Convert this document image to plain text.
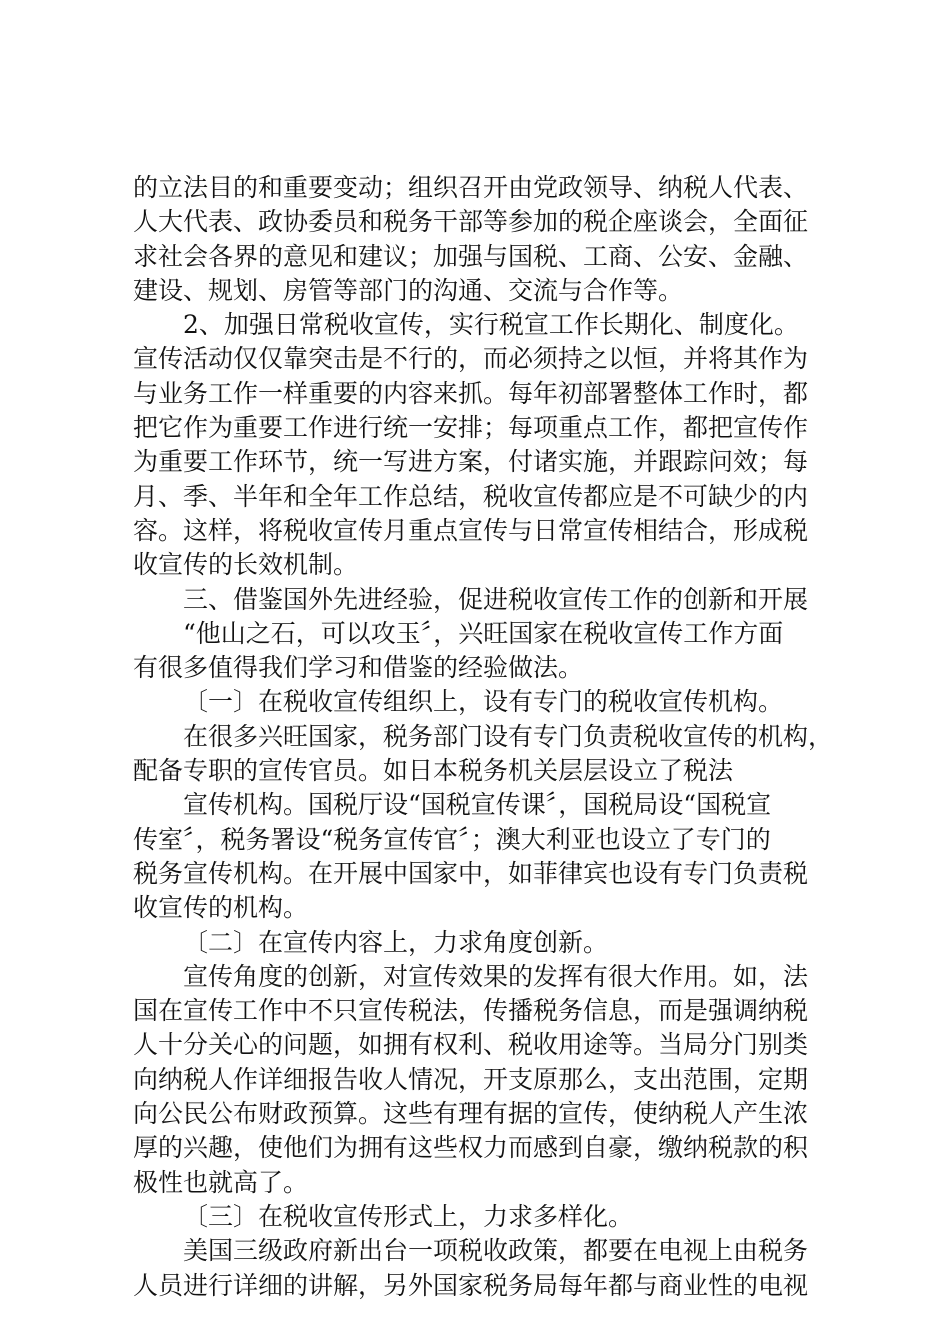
的立法目的和重要变动；组织召开由党政领导、纳税人代表、
人大代表、政协委员和税务干部等参加的税企座谈会，全面征
求社会各界的意见和建议；加强与国税、工商、公安、金融、
建设、规划、房管等部门的沟通、交流与合作等。
2、加强日常税收宣传，实行税宣工作长期化、制度化。
宣传活动仅仅靠突击是不行的，而必须持之以恒，并将其作为
与业务工作一样重要的内容来抓。每年初部署整体工作时，都
把它作为重要工作进行统一安排；每项重点工作，都把宣传作
为重要工作环节，统一写进方案，付诸实施，并跟踪问效；每
月、季、半年和全年工作总结，税收宣传都应是不可缺少的内
容。这样，将税收宣传月重点宣传与日常宣传相结合，形成税
收宣传的长效机制。
三、借鉴国外先进经验，促进税收宣传工作的创新和开展
“他山之石，可以攻玉〞，兴旺国家在税收宣传工作方面
有很多值得我们学习和借鉴的经验做法。
〔一〕在税收宣传组织上，设有专门的税收宣传机构。
在很多兴旺国家，税务部门设有专门负责税收宣传的机构，
配备专职的宣传官员。如日本税务机关层层设立了税法
宣传机构。国税厅设“国税宣传课〞，国税局设“国税宣
传室〞，税务署设“税务宣传官〞；澳大利亚也设立了专门的
税务宣传机构。在开展中国家中，如菲律宾也设有专门负责税
收宣传的机构。
〔二〕在宣传内容上，力求角度创新。
宣传角度的创新，对宣传效果的发挥有很大作用。如，法
国在宣传工作中不只宣传税法，传播税务信息，而是强调纳税
人十分关心的问题，如拥有权利、税收用途等。当局分门别类
向纳税人作详细报告收人情况，开支原那么，支出范围，定期
向公民公布财政预算。这些有理有据的宣传，使纳税人产生浓
厚的兴趣，使他们为拥有这些权力而感到自豪，缴纳税款的积
极性也就高了。
〔三〕在税收宣传形式上，力求多样化。
美国三级政府新出台一项税收政策，都要在电视上由税务
人员进行详细的讲解，另外国家税务局每年都与商业性的电视
